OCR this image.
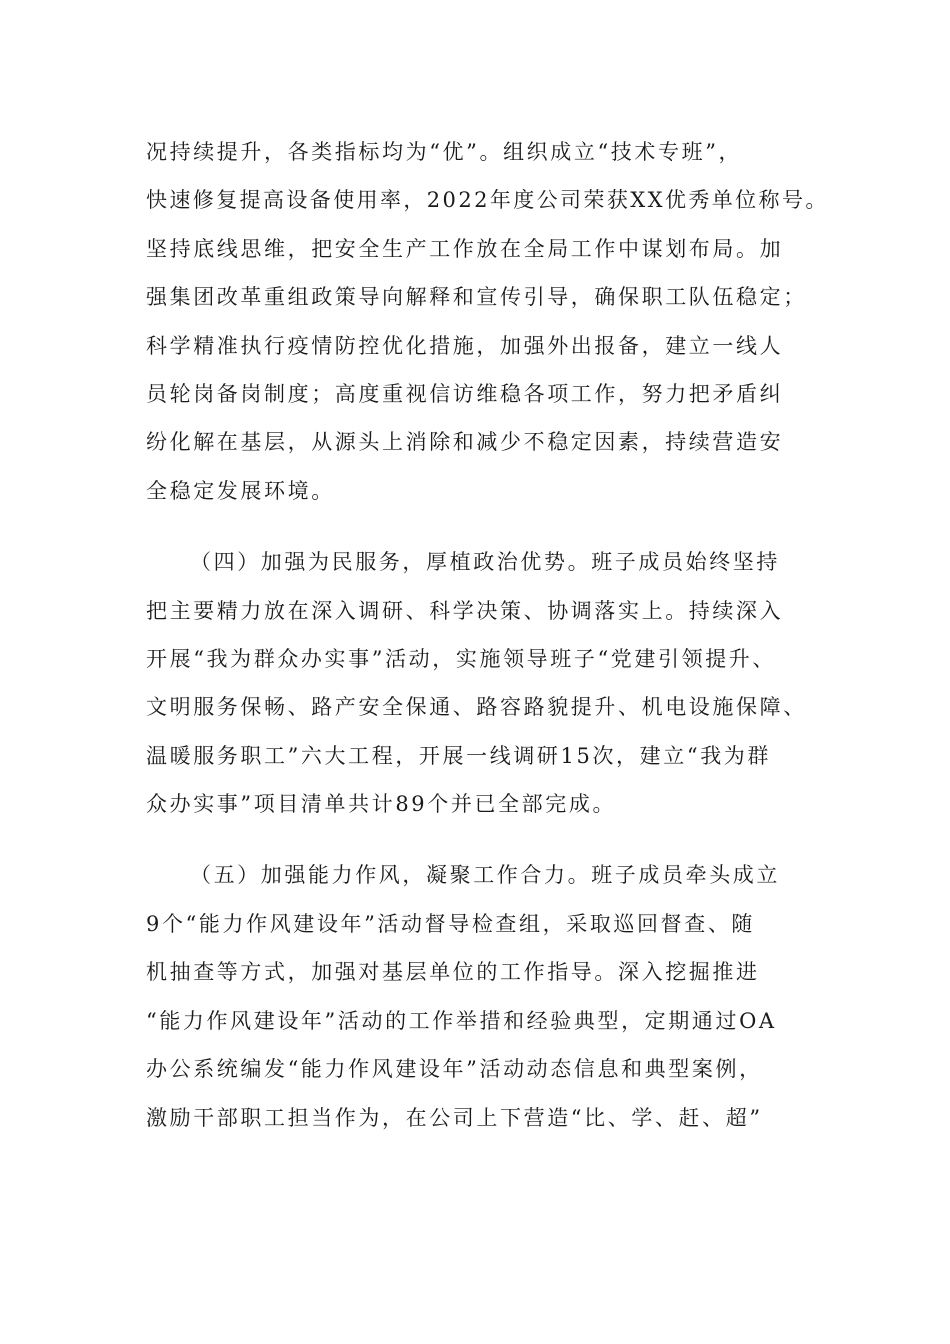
况持续提升，各类指标均为“优”。组织成立“技术专班”，
快速修复提高设备使用率，2022年度公司荣获XX优秀单位称号。
坚持底线思维，把安全生产工作放在全局工作中谋划布局。加
强集团改革重组政策导向解释和宣传引导，确保职工队伍稳定；
科学精准执行疫情防控优化措施，加强外出报备，建立一线人
员轮岗备岗制度；高度重视信访维稳各项工作，努力把矛盾纠
纷化解在基层，从源头上消除和减少不稳定因素，持续营造安
全稳定发展环境。
（四）加强为民服务，厚植政治优势。班子成员始终坚持
把主要精力放在深入调研、科学决策、协调落实上。持续深入
开展“我为群众办实事”活动，实施领导班子“党建引领提升、
文明服务保畅、路产安全保通、路容路貌提升、机电设施保障、
温暖服务职工”六大工程，开展一线调研15次，建立“我为群
众办实事”项目清单共计89个并已全部完成。
（五）加强能力作风，凝聚工作合力。班子成员牵头成立
9个“能力作风建设年”活动督导检查组，采取巡回督查、随
机抽查等方式，加强对基层单位的工作指导。深入挖掘推进
“能力作风建设年”活动的工作举措和经验典型，定期通过OA
办公系统编发“能力作风建设年”活动动态信息和典型案例，
激励干部职工担当作为，在公司上下营造“比、学、赶、超”
